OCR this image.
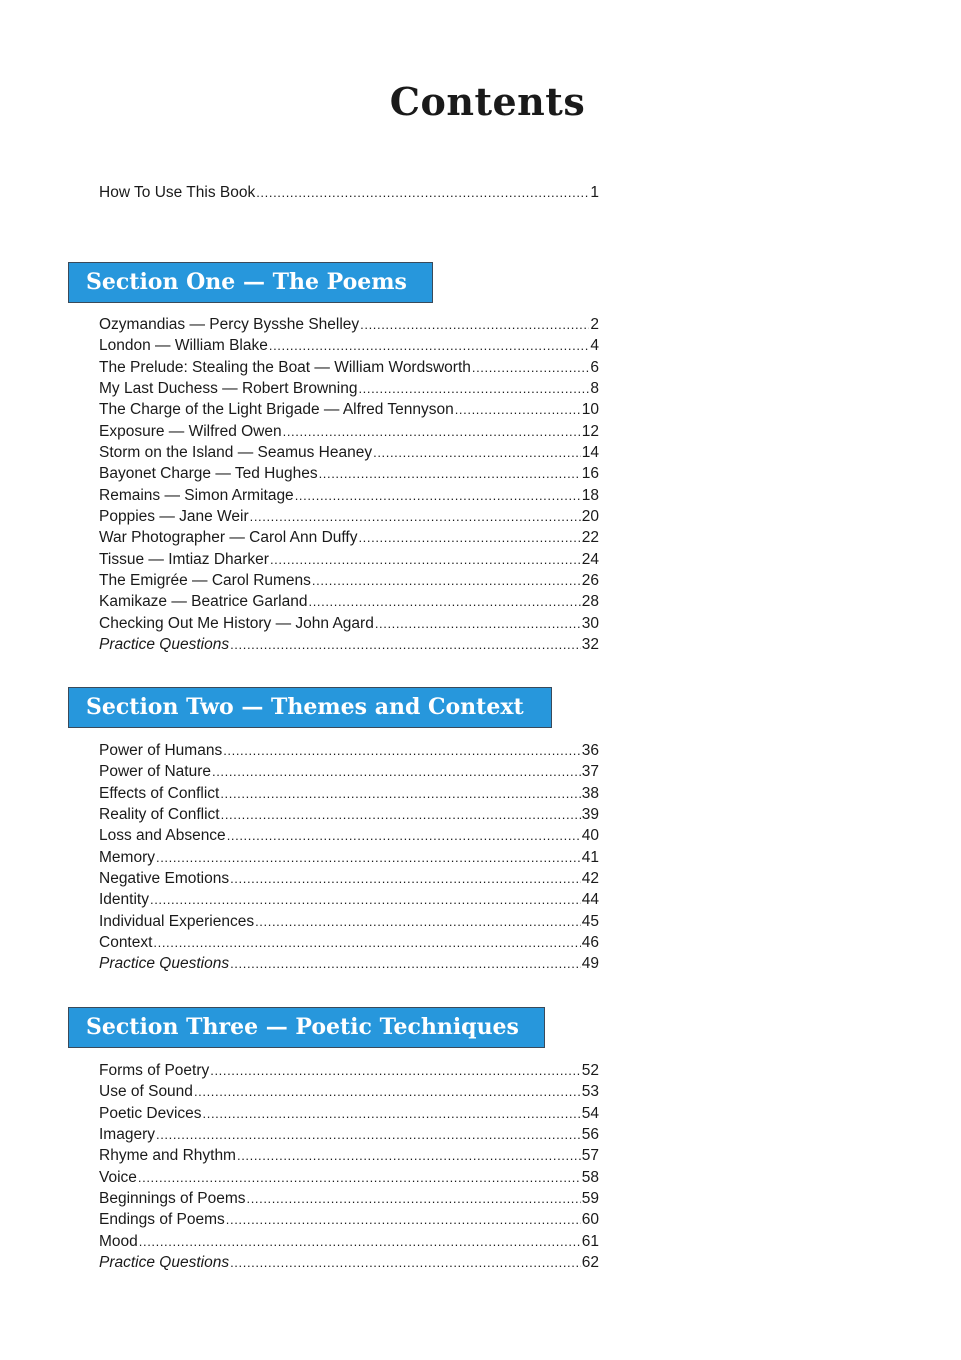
Contents
How To Use This Book .....	1
Section One — The Poems
Ozymandias — Percy Bysshe Shelley .....	2
London — William Blake .....	4
The Prelude: Stealing the Boat — William Wordsworth .....	6
My Last Duchess — Robert Browning .....	8
The Charge of the Light Brigade — Alfred Tennyson .....	10
Exposure — Wilfred Owen .....	12
Storm on the Island — Seamus Heaney .....	14
Bayonet Charge — Ted Hughes .....	16
Remains — Simon Armitage .....	18
Poppies — Jane Weir .....	20
War Photographer — Carol Ann Duffy .....	22
Tissue — Imtiaz Dharker .....	24
The Emigrée — Carol Rumens .....	26
Kamikaze — Beatrice Garland .....	28
Checking Out Me History — John Agard .....	30
Practice Questions .....	32
Section Two — Themes and Context
Power of Humans .....	36
Power of Nature .....	37
Effects of Conflict .....	38
Reality of Conflict .....	39
Loss and Absence .....	40
Memory .....	41
Negative Emotions .....	42
Identity .....	44
Individual Experiences .....	45
Context .....	46
Practice Questions .....	49
Section Three — Poetic Techniques
Forms of Poetry .....	52
Use of Sound .....	53
Poetic Devices .....	54
Imagery .....	56
Rhyme and Rhythm .....	57
Voice .....	58
Beginnings of Poems .....	59
Endings of Poems .....	60
Mood .....	61
Practice Questions .....	62
